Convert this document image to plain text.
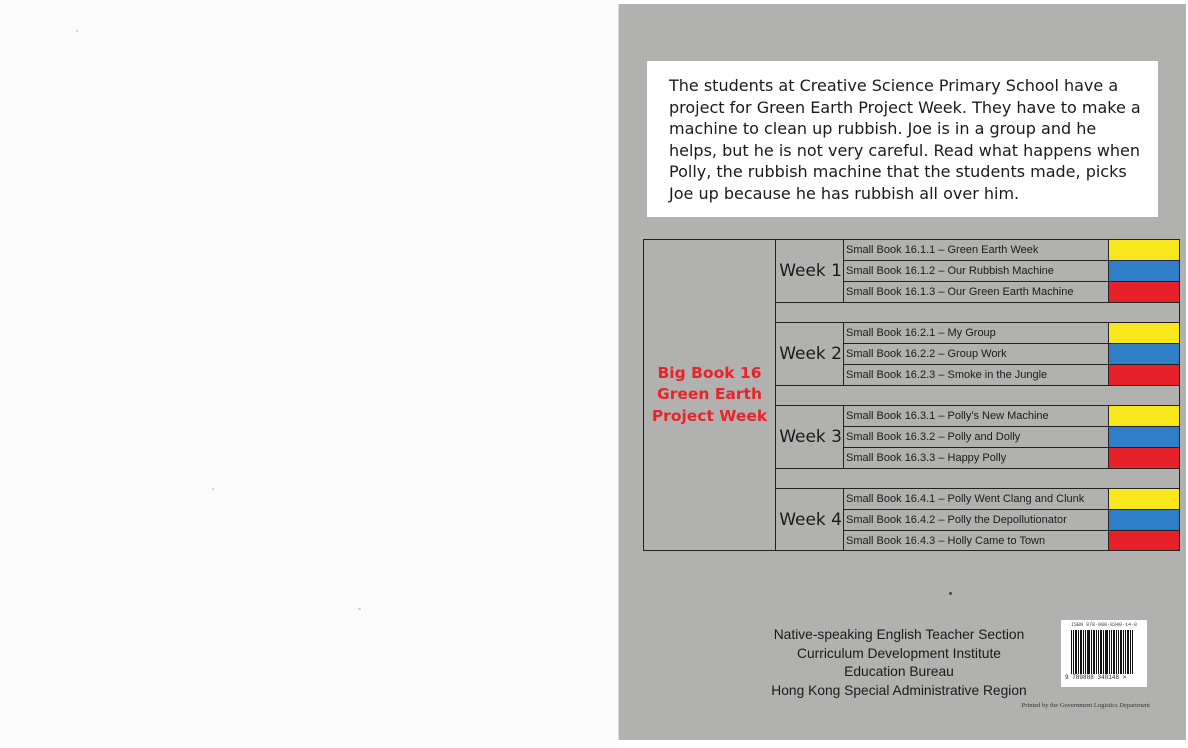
The students at Creative Science Primary School have a project for Green Earth Project Week. They have to make a machine to clean up rubbish. Joe is in a group and he helps, but he is not very careful. Read what happens when Polly, the rubbish machine that the students made, picks Joe up because he has rubbish all over him.
Big Book 16
Green Earth
Project Week
Week 1
Small Book 16.1.1 – Green Earth Week
Small Book 16.1.2 – Our Rubbish Machine
Small Book 16.1.3 – Our Green Earth Machine
Week 2
Small Book 16.2.1 – My Group
Small Book 16.2.2 – Group Work
Small Book 16.2.3 – Smoke in the Jungle
Week 3
Small Book 16.3.1 – Polly's New Machine
Small Book 16.3.2 – Polly and Dolly
Small Book 16.3.3 – Happy Polly
Week 4
Small Book 16.4.1 – Polly Went Clang and Clunk
Small Book 16.4.2 – Polly the Depollutionator
Small Book 16.4.3 – Holly Came to Town
Native-speaking English Teacher Section
Curriculum Development Institute
Education Bureau
Hong Kong Special Administrative Region
ISBN 978-988-8340-14-8
9 789888 340148 >
Printed by the Government Logistics Department
